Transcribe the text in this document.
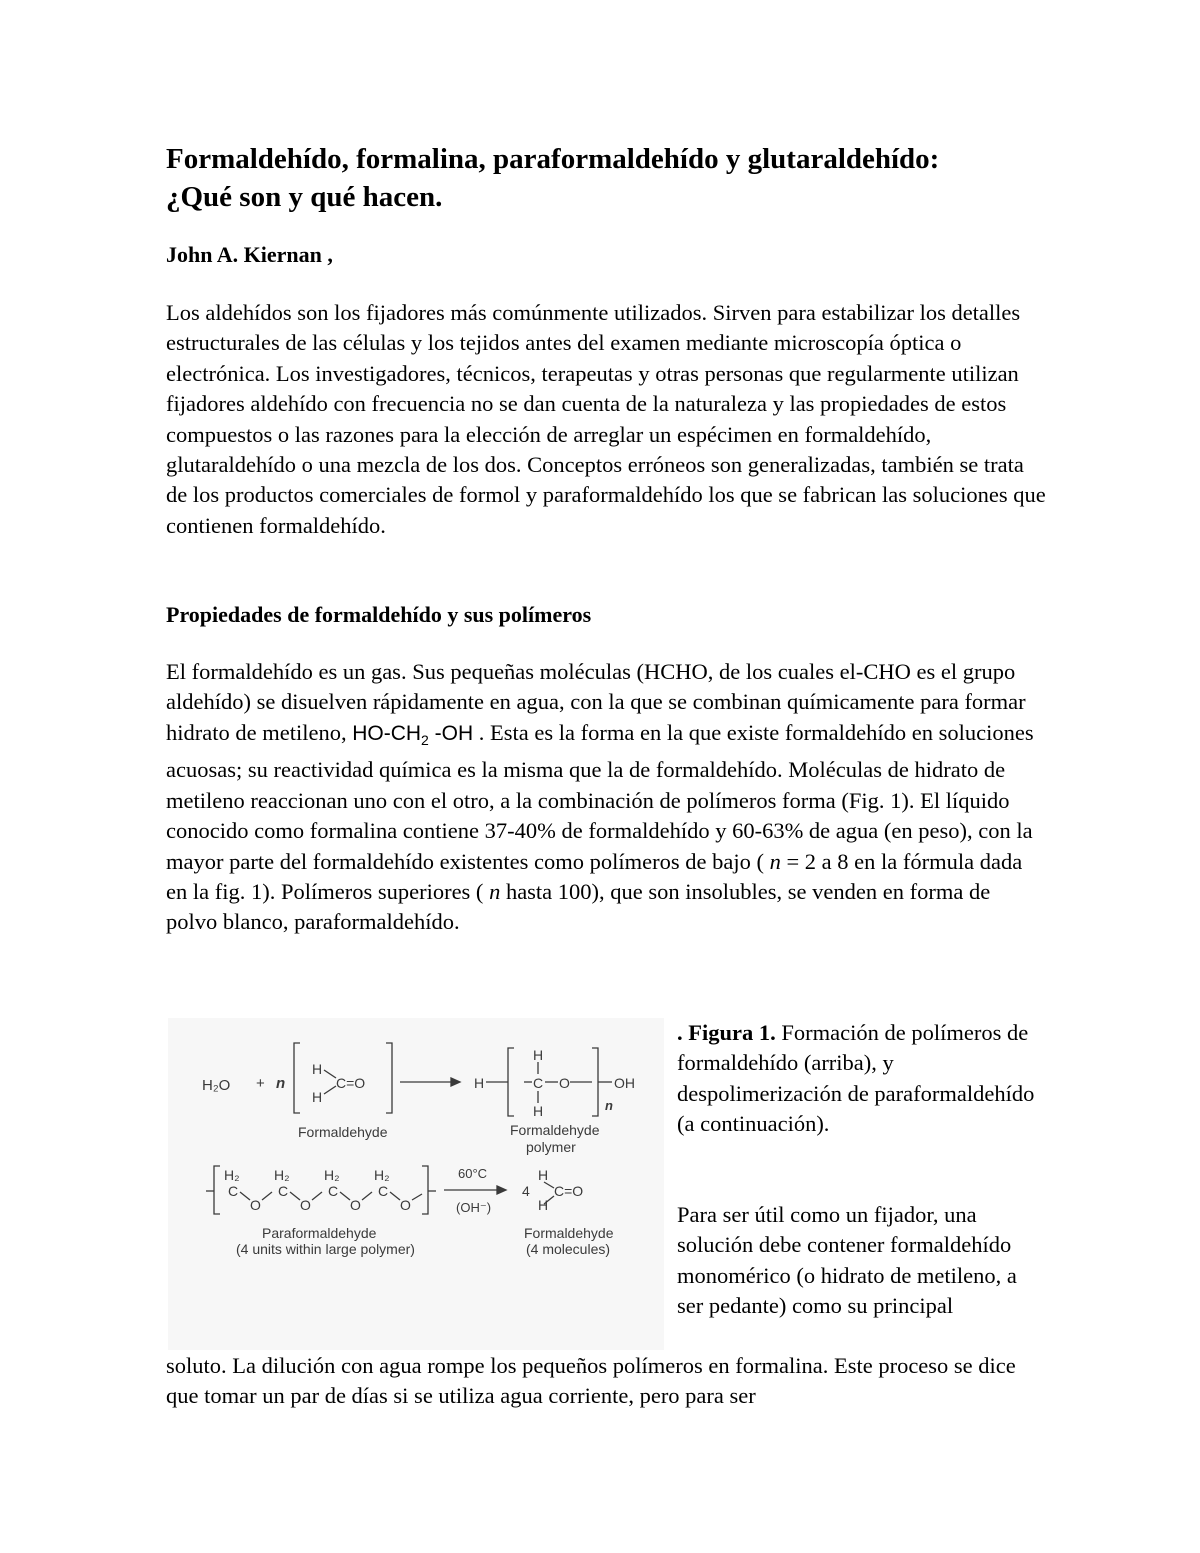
Formaldehído, formalina, paraformaldehído y glutaraldehído:
¿Qué son y qué hacen.

John A. Kiernan ,

Los aldehídos son los fijadores más comúnmente utilizados. Sirven para estabilizar los detalles estructurales de las células y los tejidos antes del examen mediante microscopía óptica o electrónica. Los investigadores, técnicos, terapeutas y otras personas que regularmente utilizan fijadores aldehído con frecuencia no se dan cuenta de la naturaleza y las propiedades de estos compuestos o las razones para la elección de arreglar un espécimen en formaldehído, glutaraldehído o una mezcla de los dos. Conceptos erróneos son generalizadas, también se trata de los productos comerciales de formol y paraformaldehído los que se fabrican las soluciones que contienen formaldehído.

Propiedades de formaldehído y sus polímeros

El formaldehído es un gas. Sus pequeñas moléculas (HCHO, de los cuales el-CHO es el grupo aldehído) se disuelven rápidamente en agua, con la que se combinan químicamente para formar hidrato de metileno, $HO-CH_2$ -OH . Esta es la forma en la que existe formaldehído en soluciones acuosas; su reactividad química es la misma que la de formaldehído. Moléculas de hidrato de metileno reaccionan uno con el otro, a la combinación de polímeros forma (Fig. 1). El líquido conocido como formalina contiene 37-40% de formaldehído y 60-63% de agua (en peso), con la mayor parte del formaldehído existentes como polímeros de bajo ( n = 2 a 8 en la fórmula dada en la fig. 1). Polímeros superiores ( n hasta 100), que son insolubles, se venden en forma de polvo blanco, paraformaldehído.

H₂O + n
H
H
C=O
Formaldehyde
H
H
H
C O	OH
n
Formaldehyde
polymer
H₂
C
O
H₂
C
O
H₂
C
O
H₂
C
O
60°C
(OH⁻)
4
H
H
C=O
Paraformaldehyde
(4 units within large polymer)
Formaldehyde
(4 molecules)

. Figura 1. Formación de polímeros de formaldehído (arriba), y despolimerización de paraformaldehído (a continuación).

Para ser útil como un fijador, una solución debe contener formaldehído monomérico (o hidrato de metileno, a ser pedante) como su principal

soluto. La dilución con agua rompe los pequeños polímeros en formalina. Este proceso se dice que tomar un par de días si se utiliza agua corriente, pero para ser
